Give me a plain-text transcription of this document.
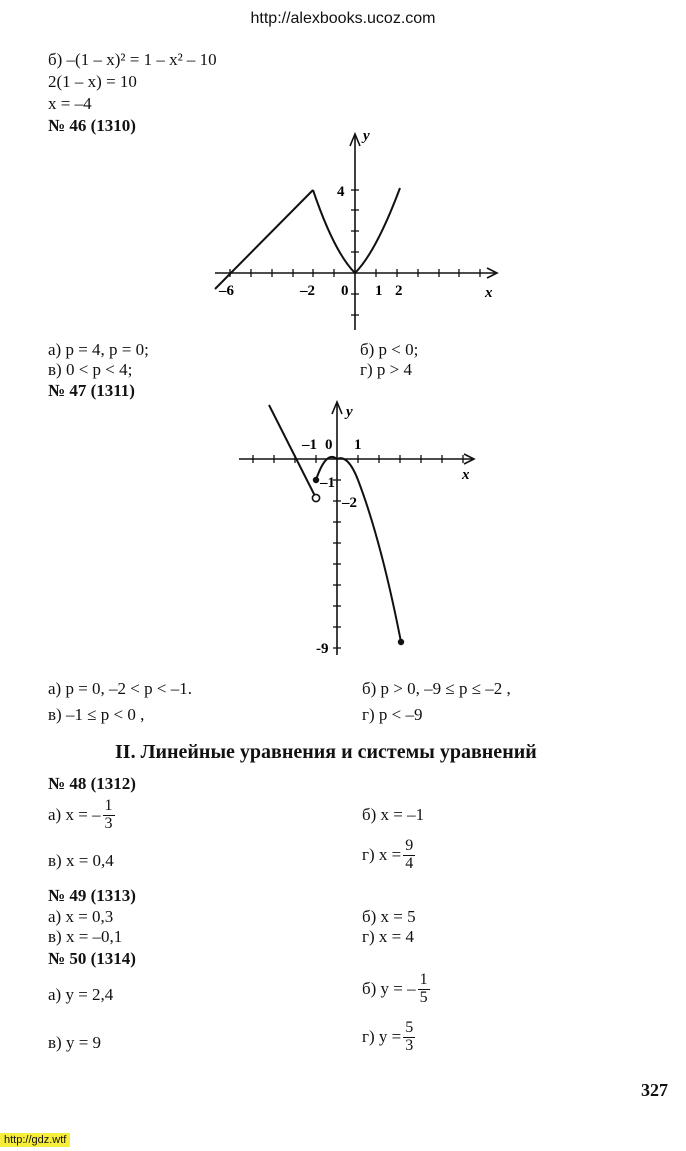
http://alexbooks.ucoz.com
б) –(1 – x)² = 1 – x² – 10
2(1 – x) = 10
x = –4
№ 46 (1310)
y
x
4
–6	–2 0 1 2
а) p = 4, p = 0;	б) p < 0;
в) 0 < p < 4;	г) p > 4
№ 47 (1311)
y
x
–1 0 1
–1
–2
-9
а) p = 0, –2 < p < –1.	б) p > 0, –9 ≤ p ≤ –2 ,
в) –1 ≤ p < 0 ,	г) p < –9
II. Линейные уравнения и системы уравнений
№ 48 (1312)
а) x = – $\frac{1}{3}$	б) x = –1
в) x = 0,4	г) $x = \frac{9}{4}$
№ 49 (1313)
а) x = 0,3	б) x = 5
в) x = –0,1	г) x = 4
№ 50 (1314)
а) y = 2,4	б) y = – $\frac{1}{5}$
в) y = 9	г) $y = \frac{5}{3}$
327
http://gdz.wtf
